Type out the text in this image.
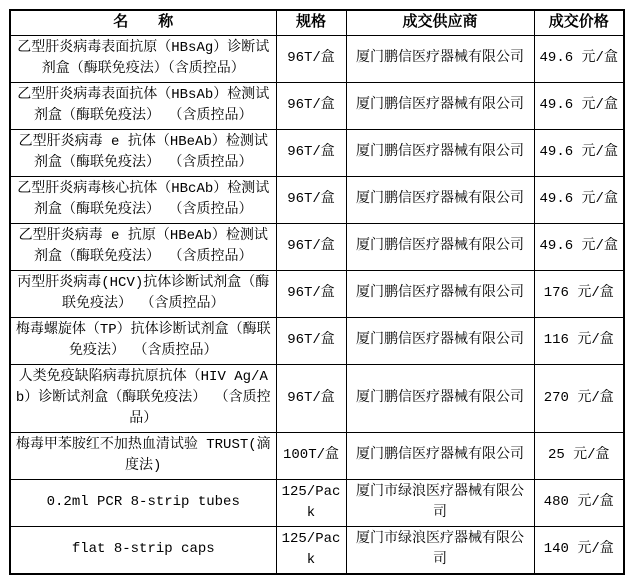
名　　称	规格	成交供应商	成交价格
乙型肝炎病毒表面抗原（HBsAg）诊断试剂盒（酶联免疫法）（含质控品）	96T/盒	厦门鹏信医疗器械有限公司	49.6 元/盒
乙型肝炎病毒表面抗体（HBsAb）检测试剂盒（酶联免疫法） （含质控品）	96T/盒	厦门鹏信医疗器械有限公司	49.6 元/盒
乙型肝炎病毒 e 抗体（HBeAb）检测试剂盒（酶联免疫法） （含质控品）	96T/盒	厦门鹏信医疗器械有限公司	49.6 元/盒
乙型肝炎病毒核心抗体（HBcAb）检测试剂盒（酶联免疫法） （含质控品）	96T/盒	厦门鹏信医疗器械有限公司	49.6 元/盒
乙型肝炎病毒 e 抗原（HBeAb）检测试剂盒（酶联免疫法） （含质控品）	96T/盒	厦门鹏信医疗器械有限公司	49.6 元/盒
丙型肝炎病毒(HCV)抗体诊断试剂盒（酶联免疫法） （含质控品）	96T/盒	厦门鹏信医疗器械有限公司	176 元/盒
梅毒螺旋体（TP）抗体诊断试剂盒（酶联免疫法） （含质控品）	96T/盒	厦门鹏信医疗器械有限公司	116 元/盒
人类免疫缺陷病毒抗原抗体（HIV Ag/Ab）诊断试剂盒（酶联免疫法） （含质控品）	96T/盒	厦门鹏信医疗器械有限公司	270 元/盒
梅毒甲苯胺红不加热血清试验 TRUST(滴度法)	100T/盒	厦门鹏信医疗器械有限公司	25 元/盒
0.2ml PCR 8-strip tubes	125/Pack	厦门市绿浪医疗器械有限公司	480 元/盒
flat 8-strip caps	125/Pack	厦门市绿浪医疗器械有限公司	140 元/盒
